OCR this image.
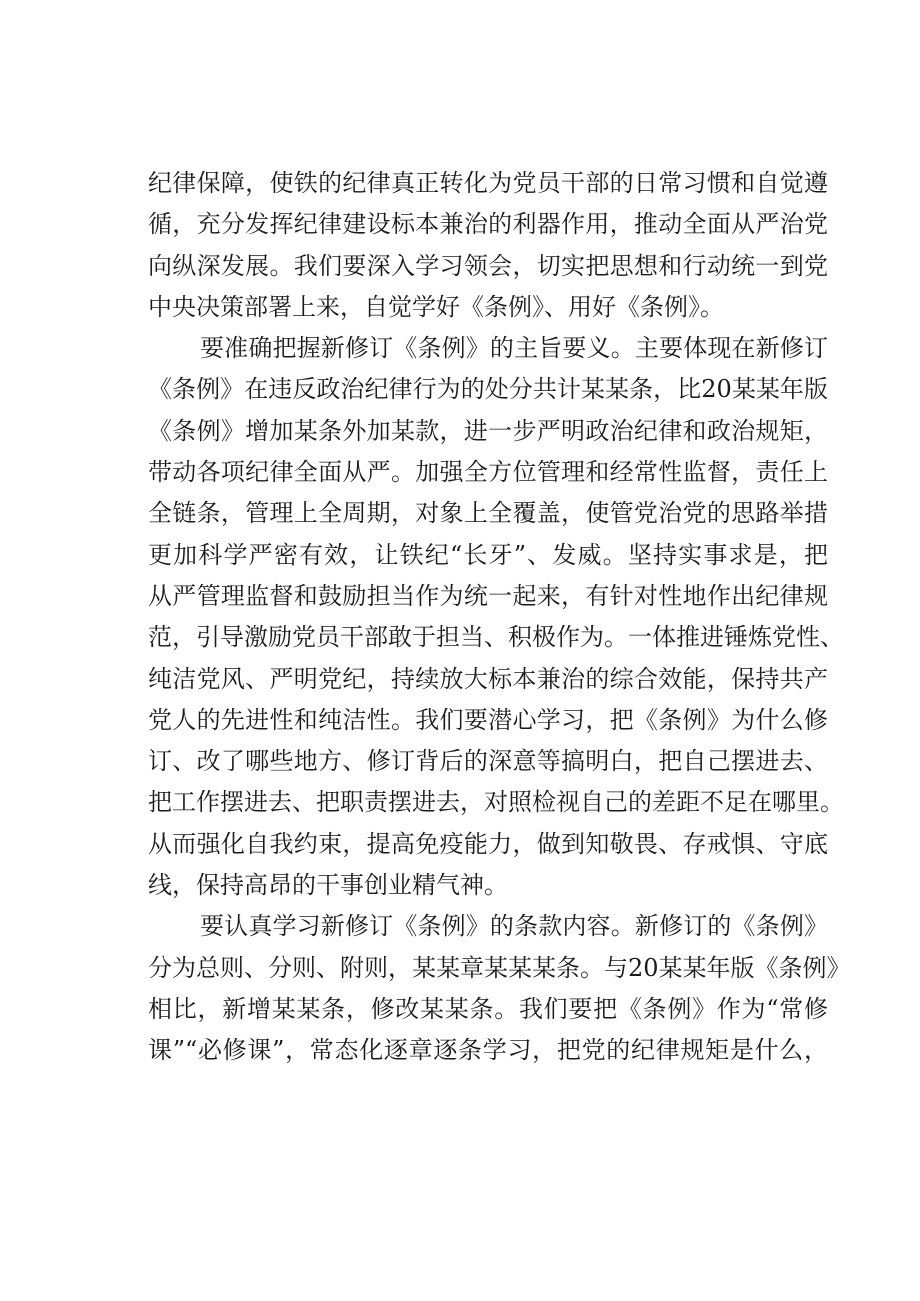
纪律保障，使铁的纪律真正转化为党员干部的日常习惯和自觉遵
循，充分发挥纪律建设标本兼治的利器作用，推动全面从严治党
向纵深发展。我们要深入学习领会，切实把思想和行动统一到党
中央决策部署上来，自觉学好《条例》、用好《条例》。
要准确把握新修订《条例》的主旨要义。主要体现在新修订
《条例》在违反政治纪律行为的处分共计某某条，比20某某年版
《条例》增加某条外加某款，进一步严明政治纪律和政治规矩，
带动各项纪律全面从严。加强全方位管理和经常性监督，责任上
全链条，管理上全周期，对象上全覆盖，使管党治党的思路举措
更加科学严密有效，让铁纪“长牙”、发威。坚持实事求是，把
从严管理监督和鼓励担当作为统一起来，有针对性地作出纪律规
范，引导激励党员干部敢于担当、积极作为。一体推进锤炼党性、
纯洁党风、严明党纪，持续放大标本兼治的综合效能，保持共产
党人的先进性和纯洁性。我们要潜心学习，把《条例》为什么修
订、改了哪些地方、修订背后的深意等搞明白，把自己摆进去、
把工作摆进去、把职责摆进去，对照检视自己的差距不足在哪里。
从而强化自我约束，提高免疫能力，做到知敬畏、存戒惧、守底
线，保持高昂的干事创业精气神。
要认真学习新修订《条例》的条款内容。新修订的《条例》
分为总则、分则、附则，某某章某某某条。与20某某年版《条例》
相比，新增某某条，修改某某条。我们要把《条例》作为“常修
课”“必修课”，常态化逐章逐条学习，把党的纪律规矩是什么，
